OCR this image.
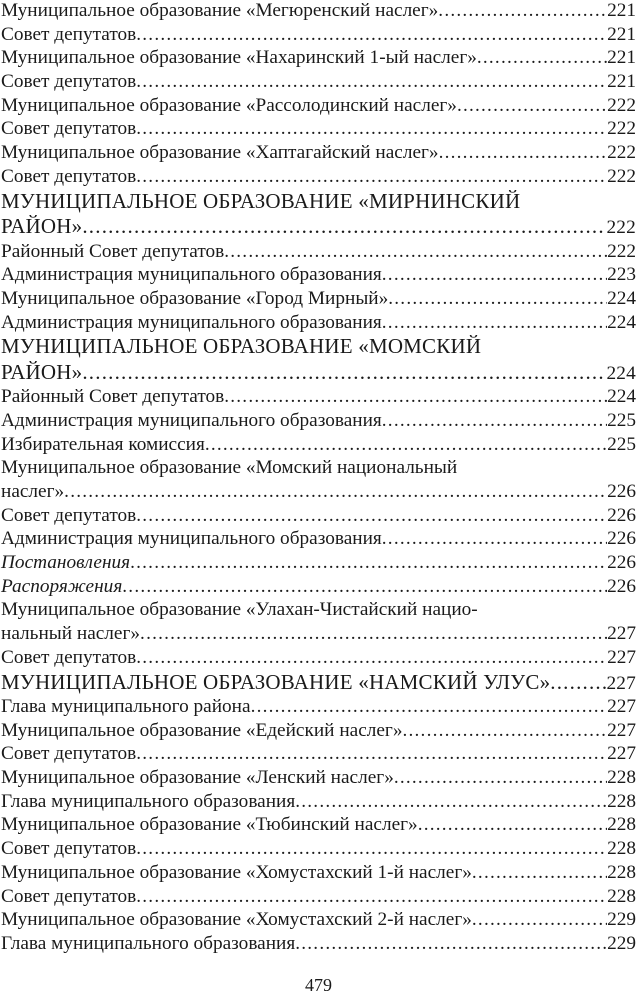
Муниципальное образование «Мегюренский наслег» .....	221
Совет депутатов .....	221
Муниципальное образование «Нахаринский 1-ый наслег» .....	221
Совет депутатов .....	221
Муниципальное образование «Рассолодинский наслег» .....	222
Совет депутатов .....	222
Муниципальное образование «Хаптагайский наслег» .....	222
Совет депутатов .....	222
МУНИЦИПАЛЬНОЕ ОБРАЗОВАНИЕ «МИРНИНСКИЙ
РАЙОН» .....	222
Районный Совет депутатов .....	222
Администрация муниципального образования .....	223
Муниципальное образование «Город Мирный» .....	224
Администрация муниципального образования .....	224
МУНИЦИПАЛЬНОЕ ОБРАЗОВАНИЕ «МОМСКИЙ
РАЙОН» .....	224
Районный Совет депутатов .....	224
Администрация муниципального образования .....	225
Избирательная комиссия .....	225
Муниципальное образование «Момский национальный
наслег» .....	226
Совет депутатов .....	226
Администрация муниципального образования .....	226
Постановления .....	226
Распоряжения .....	226
Муниципальное образование «Улахан-Чистайский нацио-
нальный наслег» .....	227
Совет депутатов .....	227
МУНИЦИПАЛЬНОЕ ОБРАЗОВАНИЕ «НАМСКИЙ УЛУС» .....	227
Глава муниципального района .....	227
Муниципальное образование «Едейский наслег» .....	227
Совет депутатов .....	227
Муниципальное образование «Ленский наслег» .....	228
Глава муниципального образования .....	228
Муниципальное образование «Тюбинский наслег» .....	228
Совет депутатов .....	228
Муниципальное образование «Хомустахский 1-й наслег» .....	228
Совет депутатов .....	228
Муниципальное образование «Хомустахский 2-й наслег» .....	229
Глава муниципального образования .....	229
479
